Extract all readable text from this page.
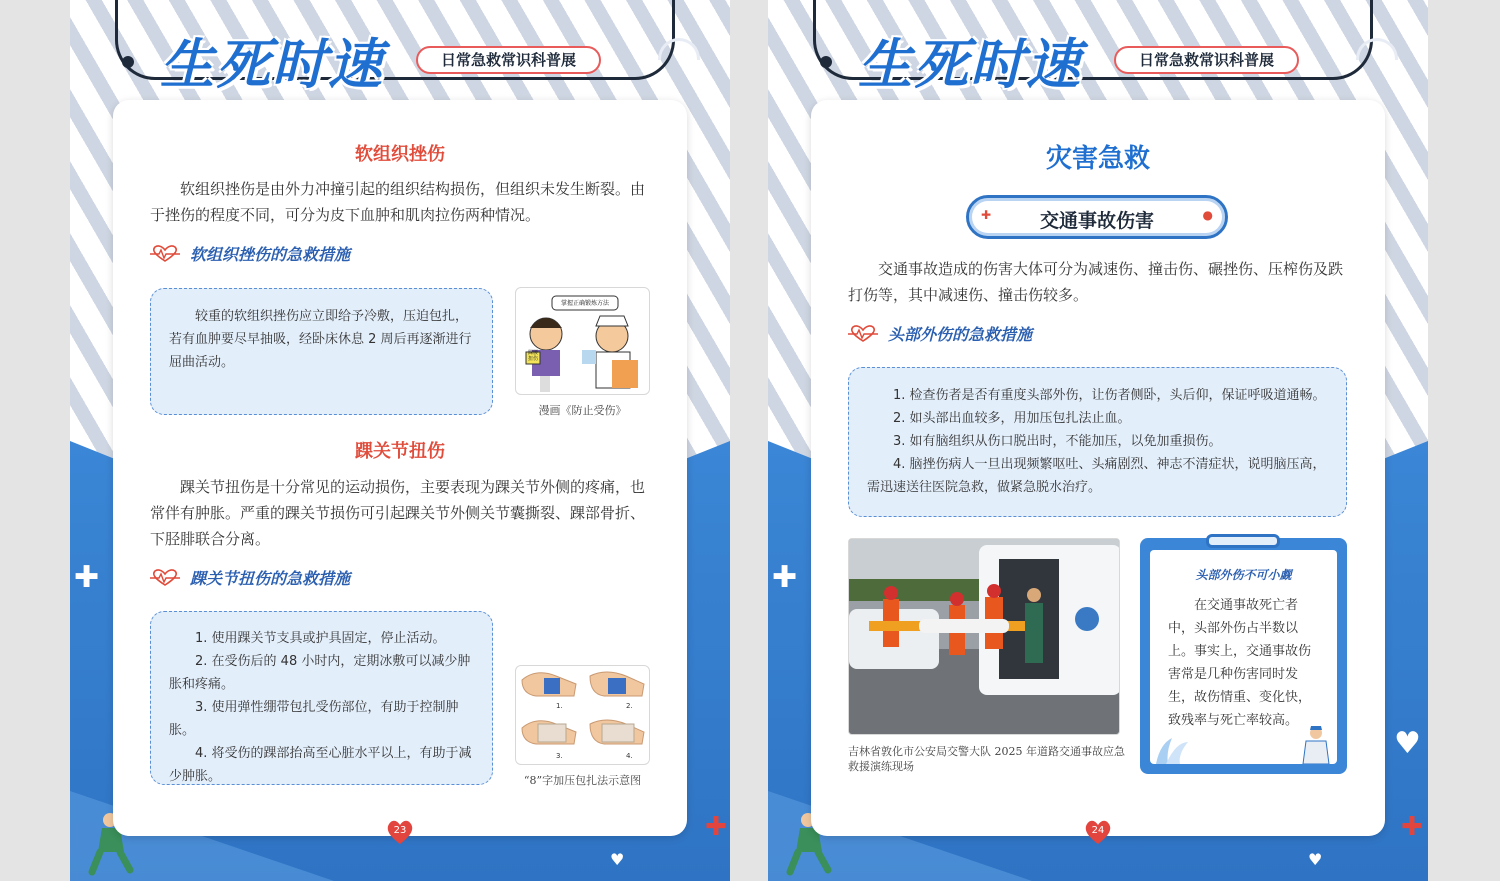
生死时速	日常急救常识科普展
✚
✚
♥
软组织挫伤
软组织挫伤是由外力冲撞引起的组织结构损伤，但组织未发生断裂。由于挫伤的程度不同，可分为皮下血肿和肌肉拉伤两种情况。
软组织挫伤的急救措施

较重的软组织挫伤应立即给予冷敷，压迫包扎，若有血肿要尽早抽吸，经卧床休息 2 周后再逐渐进行屈曲活动。

掌握正确锻炼方法
踝腰扭伤
漫画《防止受伤》
踝关节扭伤
踝关节扭伤是十分常见的运动损伤，主要表现为踝关节外侧的疼痛，也常伴有肿胀。严重的踝关节损伤可引起踝关节外侧关节囊撕裂、踝部骨折、下胫腓联合分离。
踝关节扭伤的急救措施

1. 使用踝关节支具或护具固定，停止活动。

2. 在受伤后的 48 小时内，定期冰敷可以减少肿胀和疼痛。

3. 使用弹性绷带包扎受伤部位，有助于控制肿胀。

4. 将受伤的踝部抬高至心脏水平以上，有助于减少肿胀。

1.	2.
3.	4.
“8”字加压包扎法示意图
23
生死时速	日常急救常识科普展
✚
✚
♥
♥
灾害急救
交通事故伤害
✚	●
交通事故造成的伤害大体可分为减速伤、撞击伤、碾挫伤、压榨伤及跌打伤等，其中减速伤、撞击伤较多。
头部外伤的急救措施

1. 检查伤者是否有重度头部外伤，让伤者侧卧，头后仰，保证呼吸道通畅。

2. 如头部出血较多，用加压包扎法止血。

3. 如有脑组织从伤口脱出时，不能加压，以免加重损伤。

4. 脑挫伤病人一旦出现频繁呕吐、头痛剧烈、神志不清症状，说明脑压高，需迅速送往医院急救，做紧急脱水治疗。

吉林省敦化市公安局交警大队 2025 年道路交通事故应急救援演练现场
头部外伤不可小觑
在交通事故死亡者中，头部外伤占半数以上。事实上，交通事故伤害常是几种伤害同时发生，故伤情重、变化快，致残率与死亡率较高。
24
